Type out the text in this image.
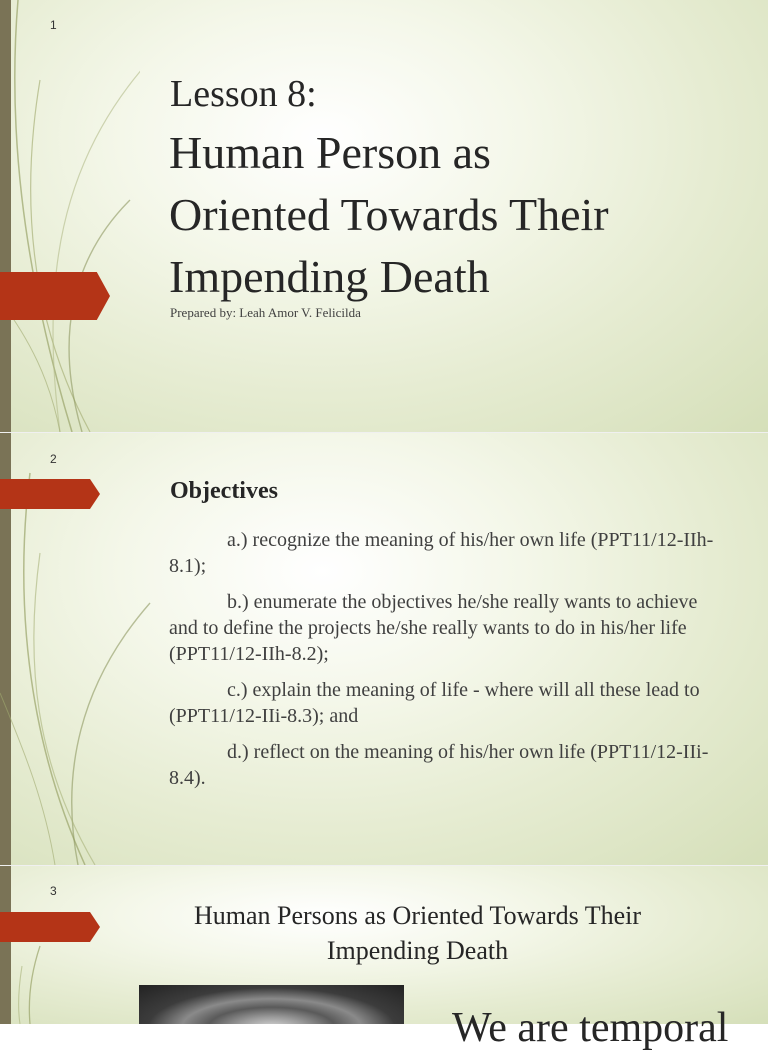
1
Lesson 8:
Human Person as
Oriented Towards Their
Impending Death
Prepared by: Leah Amor V. Felicilda
2
Objectives
a.) recognize the meaning of his/her own life (PPT11/12-IIh-8.1);
b.) enumerate the objectives he/she really wants to achieve and to define the projects he/she really wants to do in his/her life (PPT11/12-IIh-8.2);
c.) explain the meaning of life - where will all these lead to (PPT11/12-IIi-8.3); and
d.) reflect on the meaning of his/her own life (PPT11/12-IIi-8.4).
3
Human Persons as Oriented Towards Their Impending Death
We are temporal
